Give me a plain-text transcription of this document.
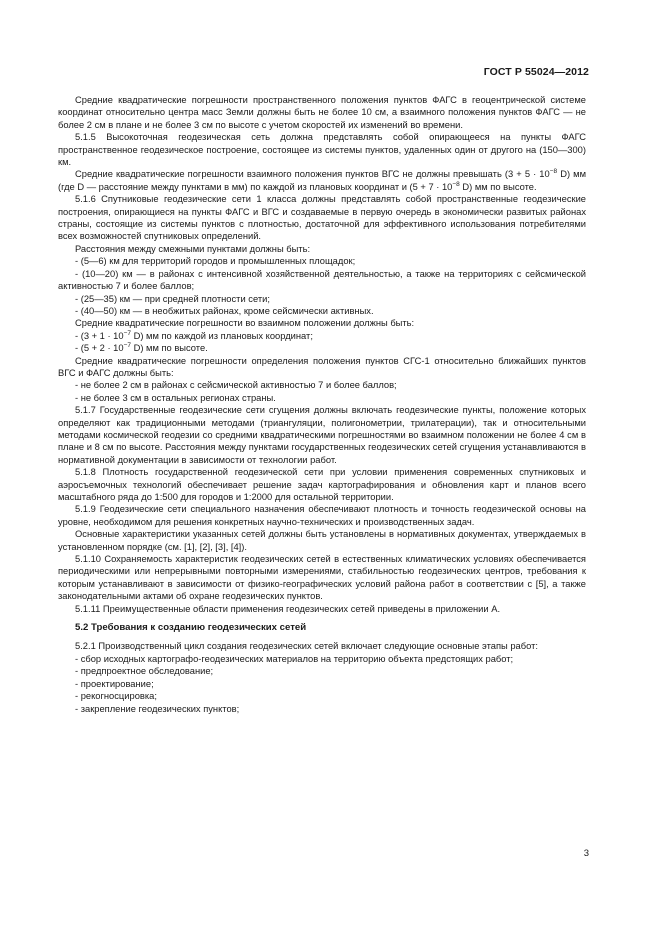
ГОСТ Р 55024—2012

Средние квадратические погрешности пространственного положения пунктов ФАГС в геоцентрической системе координат относительно центра масс Земли должны быть не более 10 см, а взаимного положения пунктов ФАГС — не более 2 см в плане и не более 3 см по высоте с учетом скоростей их изменений во времени.

5.1.5 Высокоточная геодезическая сеть должна представлять собой опирающееся на пункты ФАГС пространственное геодезическое построение, состоящее из системы пунктов, удаленных один от другого на (150—300) км.

Средние квадратические погрешности взаимного положения пунктов ВГС не должны превышать ($3 + 5 \cdot 10^{-8}$ D) мм (где D — расстояние между пунктами в мм) по каждой из плановых координат и ($5 + 7 \cdot 10^{-8}$ D) мм по высоте.

5.1.6 Спутниковые геодезические сети 1 класса должны представлять собой пространственные геодезические построения, опирающиеся на пункты ФАГС и ВГС и создаваемые в первую очередь в экономически развитых районах страны, состоящие из системы пунктов с плотностью, достаточной для эффективного использования потребителями всех возможностей спутниковых определений.

Расстояния между смежными пунктами должны быть:

- (5—6) км для территорий городов и промышленных площадок;

- (10—20) км — в районах с интенсивной хозяйственной деятельностью, а также на территориях с сейсмической активностью 7 и более баллов;

- (25—35) км — при средней плотности сети;

- (40—50) км — в необжитых районах, кроме сейсмически активных.

Средние квадратические погрешности во взаимном положении должны быть:

- ($3 + 1 \cdot 10^{-7}$ D) мм по каждой из плановых координат;

- ($5 + 2 \cdot 10^{-7}$ D) мм по высоте.

Средние квадратические погрешности определения положения пунктов СГС-1 относительно ближайших пунктов ВГС и ФАГС должны быть:

- не более 2 см в районах с сейсмической активностью 7 и более баллов;

- не более 3 см в остальных регионах страны.

5.1.7 Государственные геодезические сети сгущения должны включать геодезические пункты, положение которых определяют как традиционными методами (триангуляции, полигонометрии, трилатерации), так и относительными методами космической геодезии со средними квадратическими погрешностями во взаимном положении не более 4 см в плане и 8 см по высоте. Расстояния между пунктами государственных геодезических сетей сгущения устанавливаются в нормативной документации в зависимости от технологии работ.

5.1.8 Плотность государственной геодезической сети при условии применения современных спутниковых и аэросъемочных технологий обеспечивает решение задач картографирования и обновления карт и планов всего масштабного ряда до 1:500 для городов и 1:2000 для остальной территории.

5.1.9 Геодезические сети специального назначения обеспечивают плотность и точность геодезической основы на уровне, необходимом для решения конкретных научно-технических и производственных задач.

Основные характеристики указанных сетей должны быть установлены в нормативных документах, утверждаемых в установленном порядке (см. [1], [2], [3], [4]).

5.1.10 Сохраняемость характеристик геодезических сетей в естественных климатических условиях обеспечивается периодическими или непрерывными повторными измерениями, стабильностью геодезических центров, требования к которым устанавливают в зависимости от физико-географических условий района работ в соответствии с [5], а также законодательными актами об охране геодезических пунктов.

5.1.11 Преимущественные области применения геодезических сетей приведены в приложении А.

5.2 Требования к созданию геодезических сетей

5.2.1 Производственный цикл создания геодезических сетей включает следующие основные этапы работ:

- сбор исходных картографо-геодезических материалов на территорию объекта предстоящих работ;

- предпроектное обследование;

- проектирование;

- рекогносцировка;

- закрепление геодезических пунктов;

3
